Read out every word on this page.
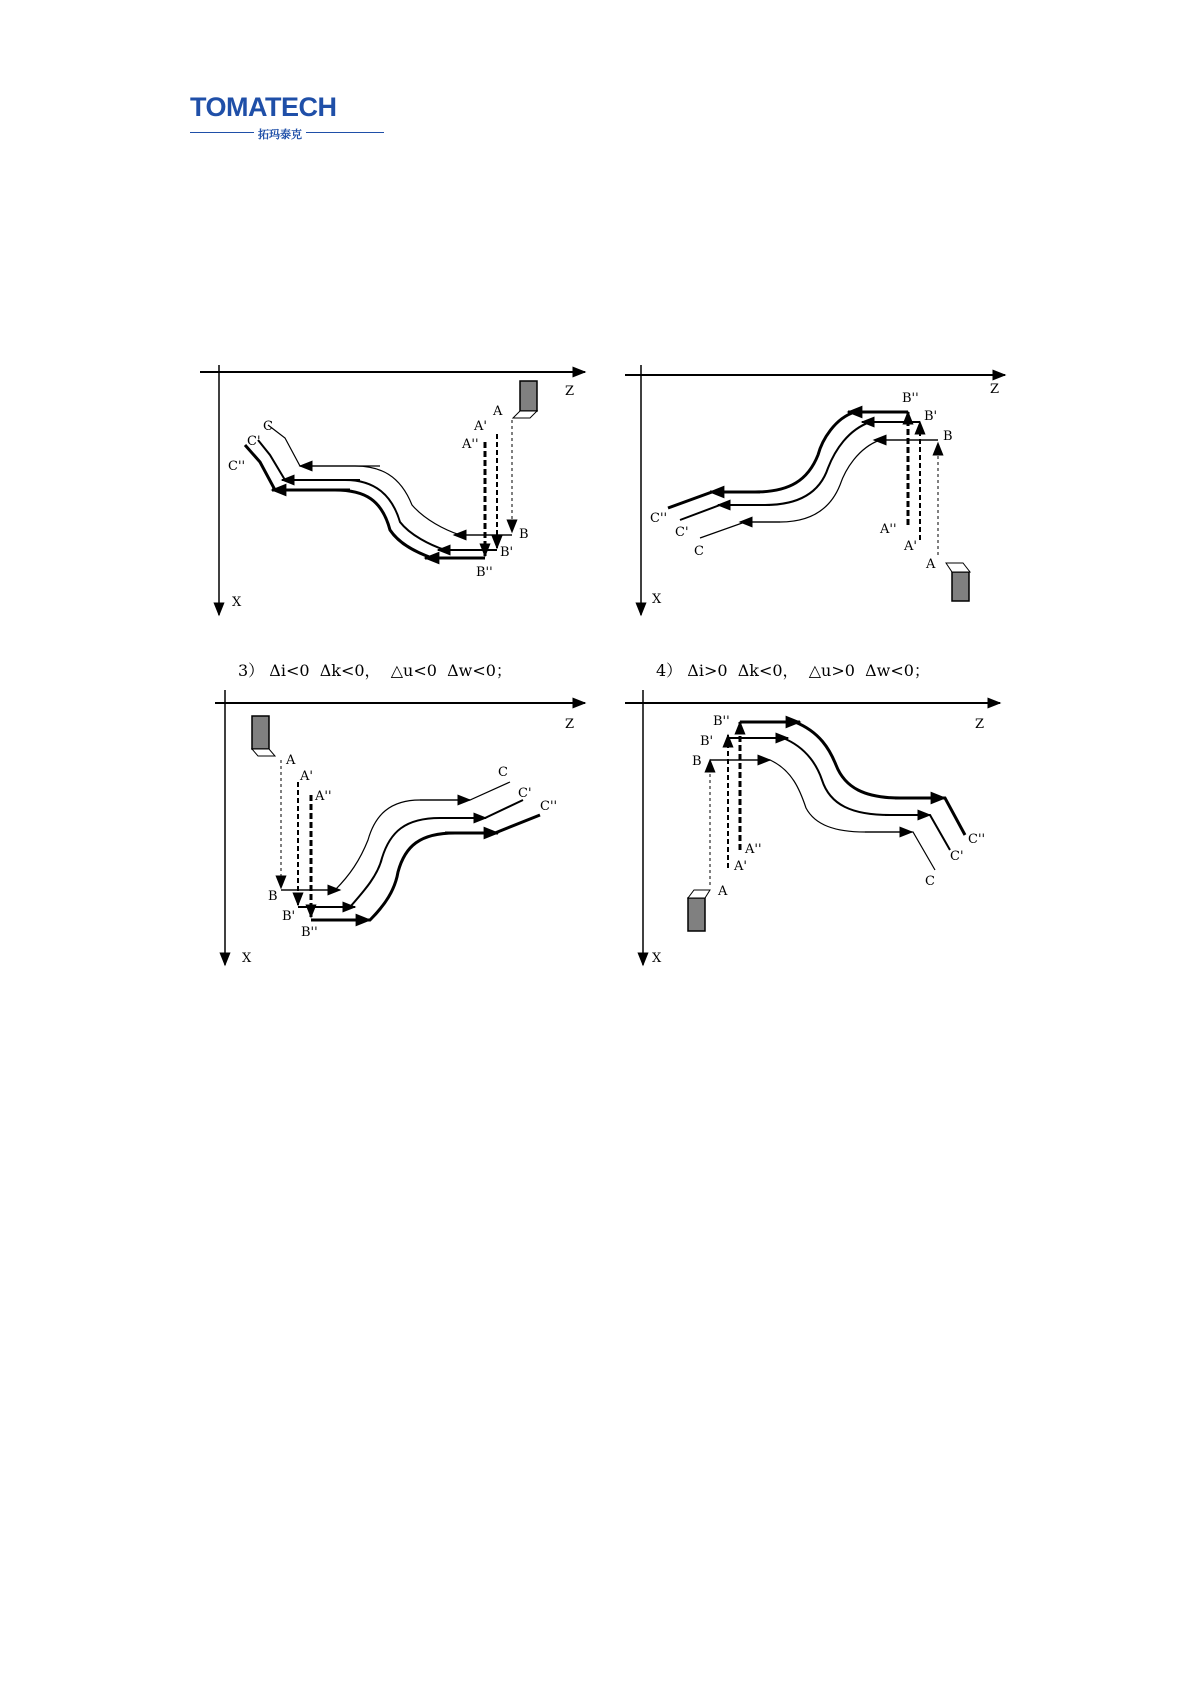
TOMATECH
拓玛泰克
3） Δi<0  Δk<0，  △u<0  Δw<0；	4） Δi>0  Δk<0，  △u>0  Δw<0；
Z
X
A
A'
A''
B
B'
B''
C
C'
C''
Z
X
A
A'
A''
B
B'
B''
C
C'
C''
Z
X
A
A'
A''
B
B'
B''
C
C'
C''
Z
X
A
A'
A''
B
B'
B''
C
C'
C''
